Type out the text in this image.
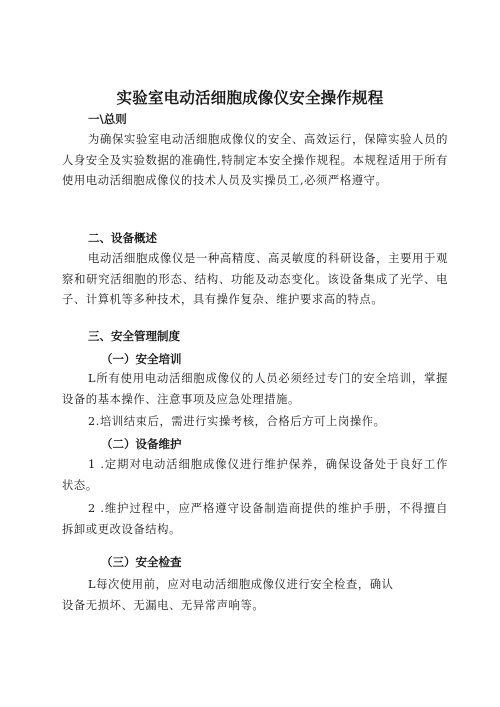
实验室电动活细胞成像仪安全操作规程

一\总则

为确保实验室电动活细胞成像仪的安全、高效运行，保障实验人员的人身安全及实验数据的准确性,特制定本安全操作规程。本规程适用于所有使用电动活细胞成像仪的技术人员及实操员工,必须严格遵守。

二、设备概述

电动活细胞成像仪是一种高精度、高灵敏度的科研设备，主要用于观察和研究活细胞的形态、结构、功能及动态变化。该设备集成了光学、电子、计算机等多种技术，具有操作复杂、维护要求高的特点。

三、安全管理制度

（一）安全培训

L所有使用电动活细胞成像仪的人员必须经过专门的安全培训，掌握设备的基本操作、注意事项及应急处理措施。

2.培训结束后，需进行实操考核，合格后方可上岗操作。

（二）设备维护

1 .定期对电动活细胞成像仪进行维护保养，确保设备处于良好工作状态。

2 .维护过程中，应严格遵守设备制造商提供的维护手册，不得擅自拆卸或更改设备结构。

（三）安全检查

L每次使用前，应对电动活细胞成像仪进行安全检查，确认

设备无损坏、无漏电、无异常声响等。
